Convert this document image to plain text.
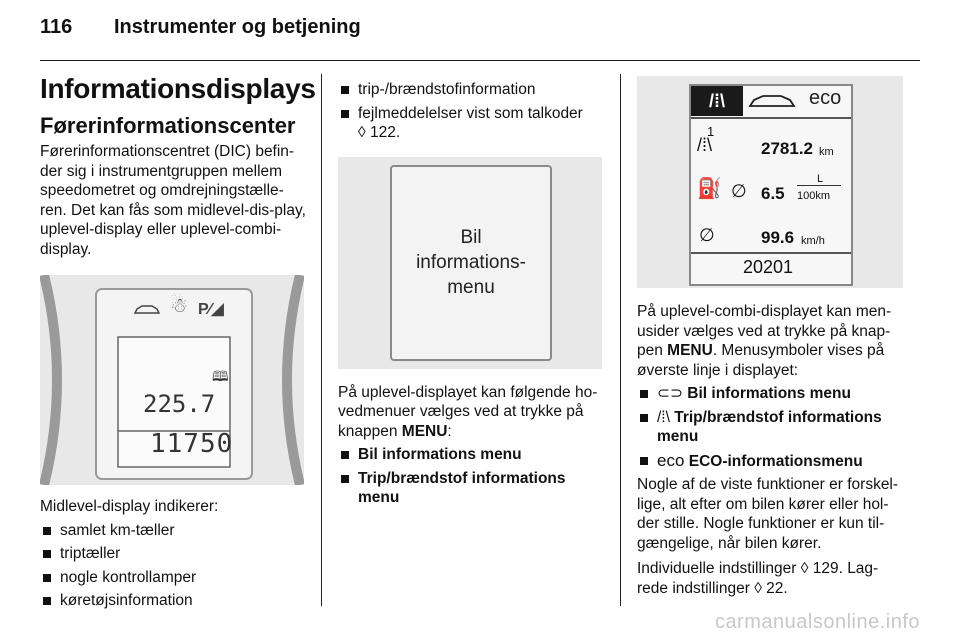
116 Instrumenter og betjening
Informationsdisplays
Førerinformationscenter

Førerinformationscentret (DIC) befin-der sig i instrumentgruppen mellem speedometret og omdrejningstælle-ren. Det kan fås som midlevel-dis-play, uplevel-display eller uplevel-combi-display.

☃ P⁄◢
🕮
225.7
11750

Midlevel-display indikerer:

samlet km-tæller
triptæller
nogle kontrollamper
køretøjsinformation
trip-/brændstofinformation
fejlmeddelelser vist som talkoder
◊ 122.
Bil
informations-
menu

På uplevel-displayet kan følgende ho-vedmenuer vælges ved at trykke på knappen MENU:

Bil informations menu
Trip/brændstof informations menu
/⁞\	eco
1
/⁞\	2781.2 km
⛽ ∅ 6.5
L
100km
∅	99.6 km/h
20201

På uplevel-combi-displayet kan men-usider vælges ved at trykke på knap-pen MENU. Menusymboler vises på øverste linje i displayet:

⊂⊃ Bil informations menu
/⁞\ Trip/brændstof informations menu
eco ECO-informationsmenu

Nogle af de viste funktioner er forskel-lige, alt efter om bilen kører eller hol-der stille. Nogle funktioner er kun til-gængelige, når bilen kører.

Individuelle indstillinger ◊ 129. Lag-rede indstillinger ◊ 22.

carmanualsonline.info
